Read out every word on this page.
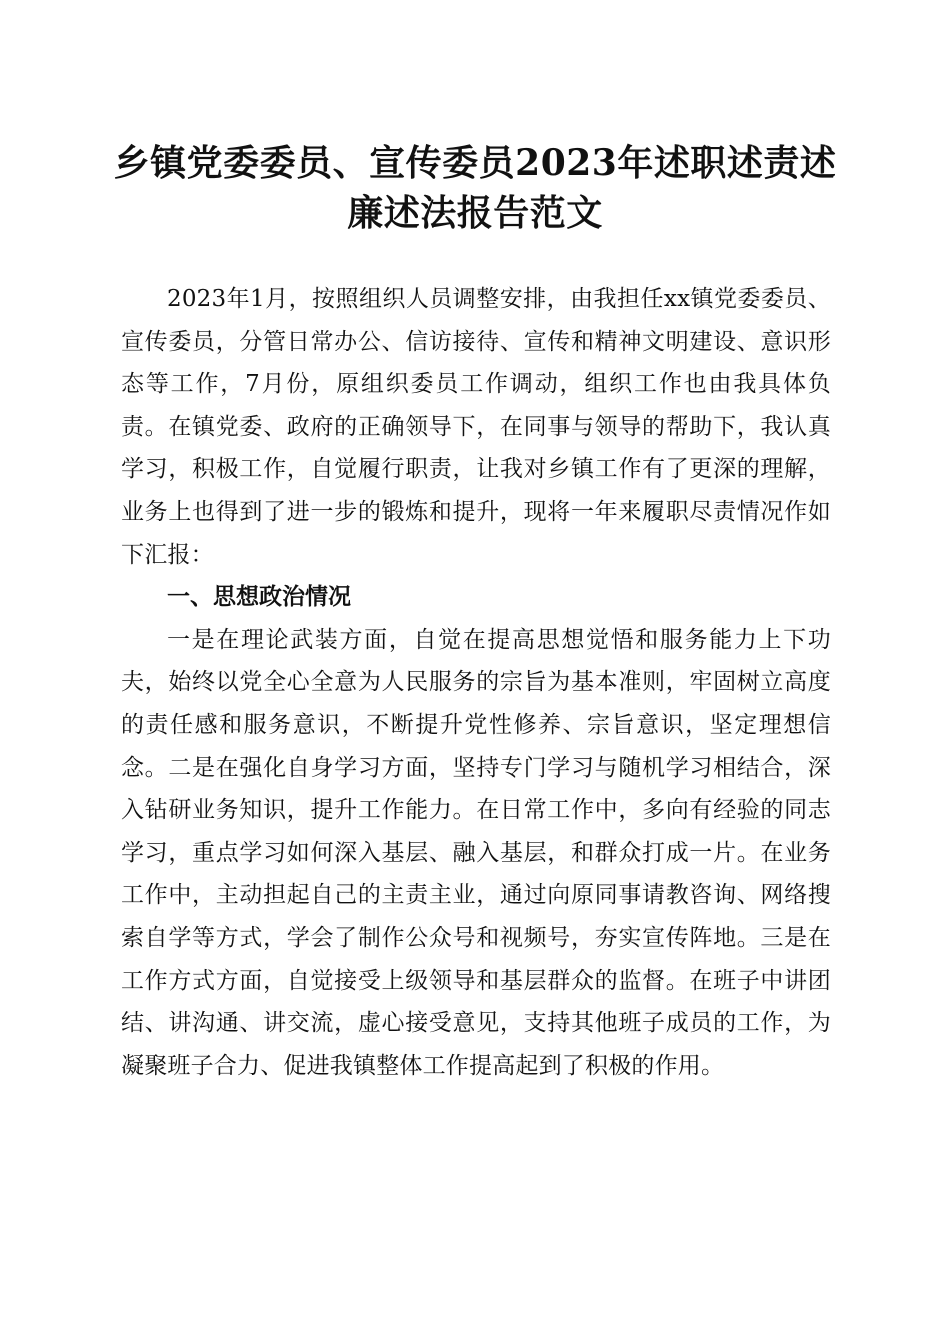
乡镇党委委员、宣传委员2023年述职述责述
廉述法报告范文

2023年1月，按照组织人员调整安排，由我担任xx镇党委委员、宣传委员，分管日常办公、信访接待、宣传和精神文明建设、意识形态等工作，7月份，原组织委员工作调动，组织工作也由我具体负责。在镇党委、政府的正确领导下，在同事与领导的帮助下，我认真学习，积极工作，自觉履行职责，让我对乡镇工作有了更深的理解，业务上也得到了进一步的锻炼和提升，现将一年来履职尽责情况作如下汇报：

一、思想政治情况

一是在理论武装方面，自觉在提高思想觉悟和服务能力上下功夫，始终以党全心全意为人民服务的宗旨为基本准则，牢固树立高度的责任感和服务意识，不断提升党性修养、宗旨意识，坚定理想信念。二是在强化自身学习方面，坚持专门学习与随机学习相结合，深入钻研业务知识，提升工作能力。在日常工作中，多向有经验的同志学习，重点学习如何深入基层、融入基层，和群众打成一片。在业务工作中，主动担起自己的主责主业，通过向原同事请教咨询、网络搜索自学等方式，学会了制作公众号和视频号，夯实宣传阵地。三是在工作方式方面，自觉接受上级领导和基层群众的监督。在班子中讲团结、讲沟通、讲交流，虚心接受意见，支持其他班子成员的工作，为凝聚班子合力、促进我镇整体工作提高起到了积极的作用。
